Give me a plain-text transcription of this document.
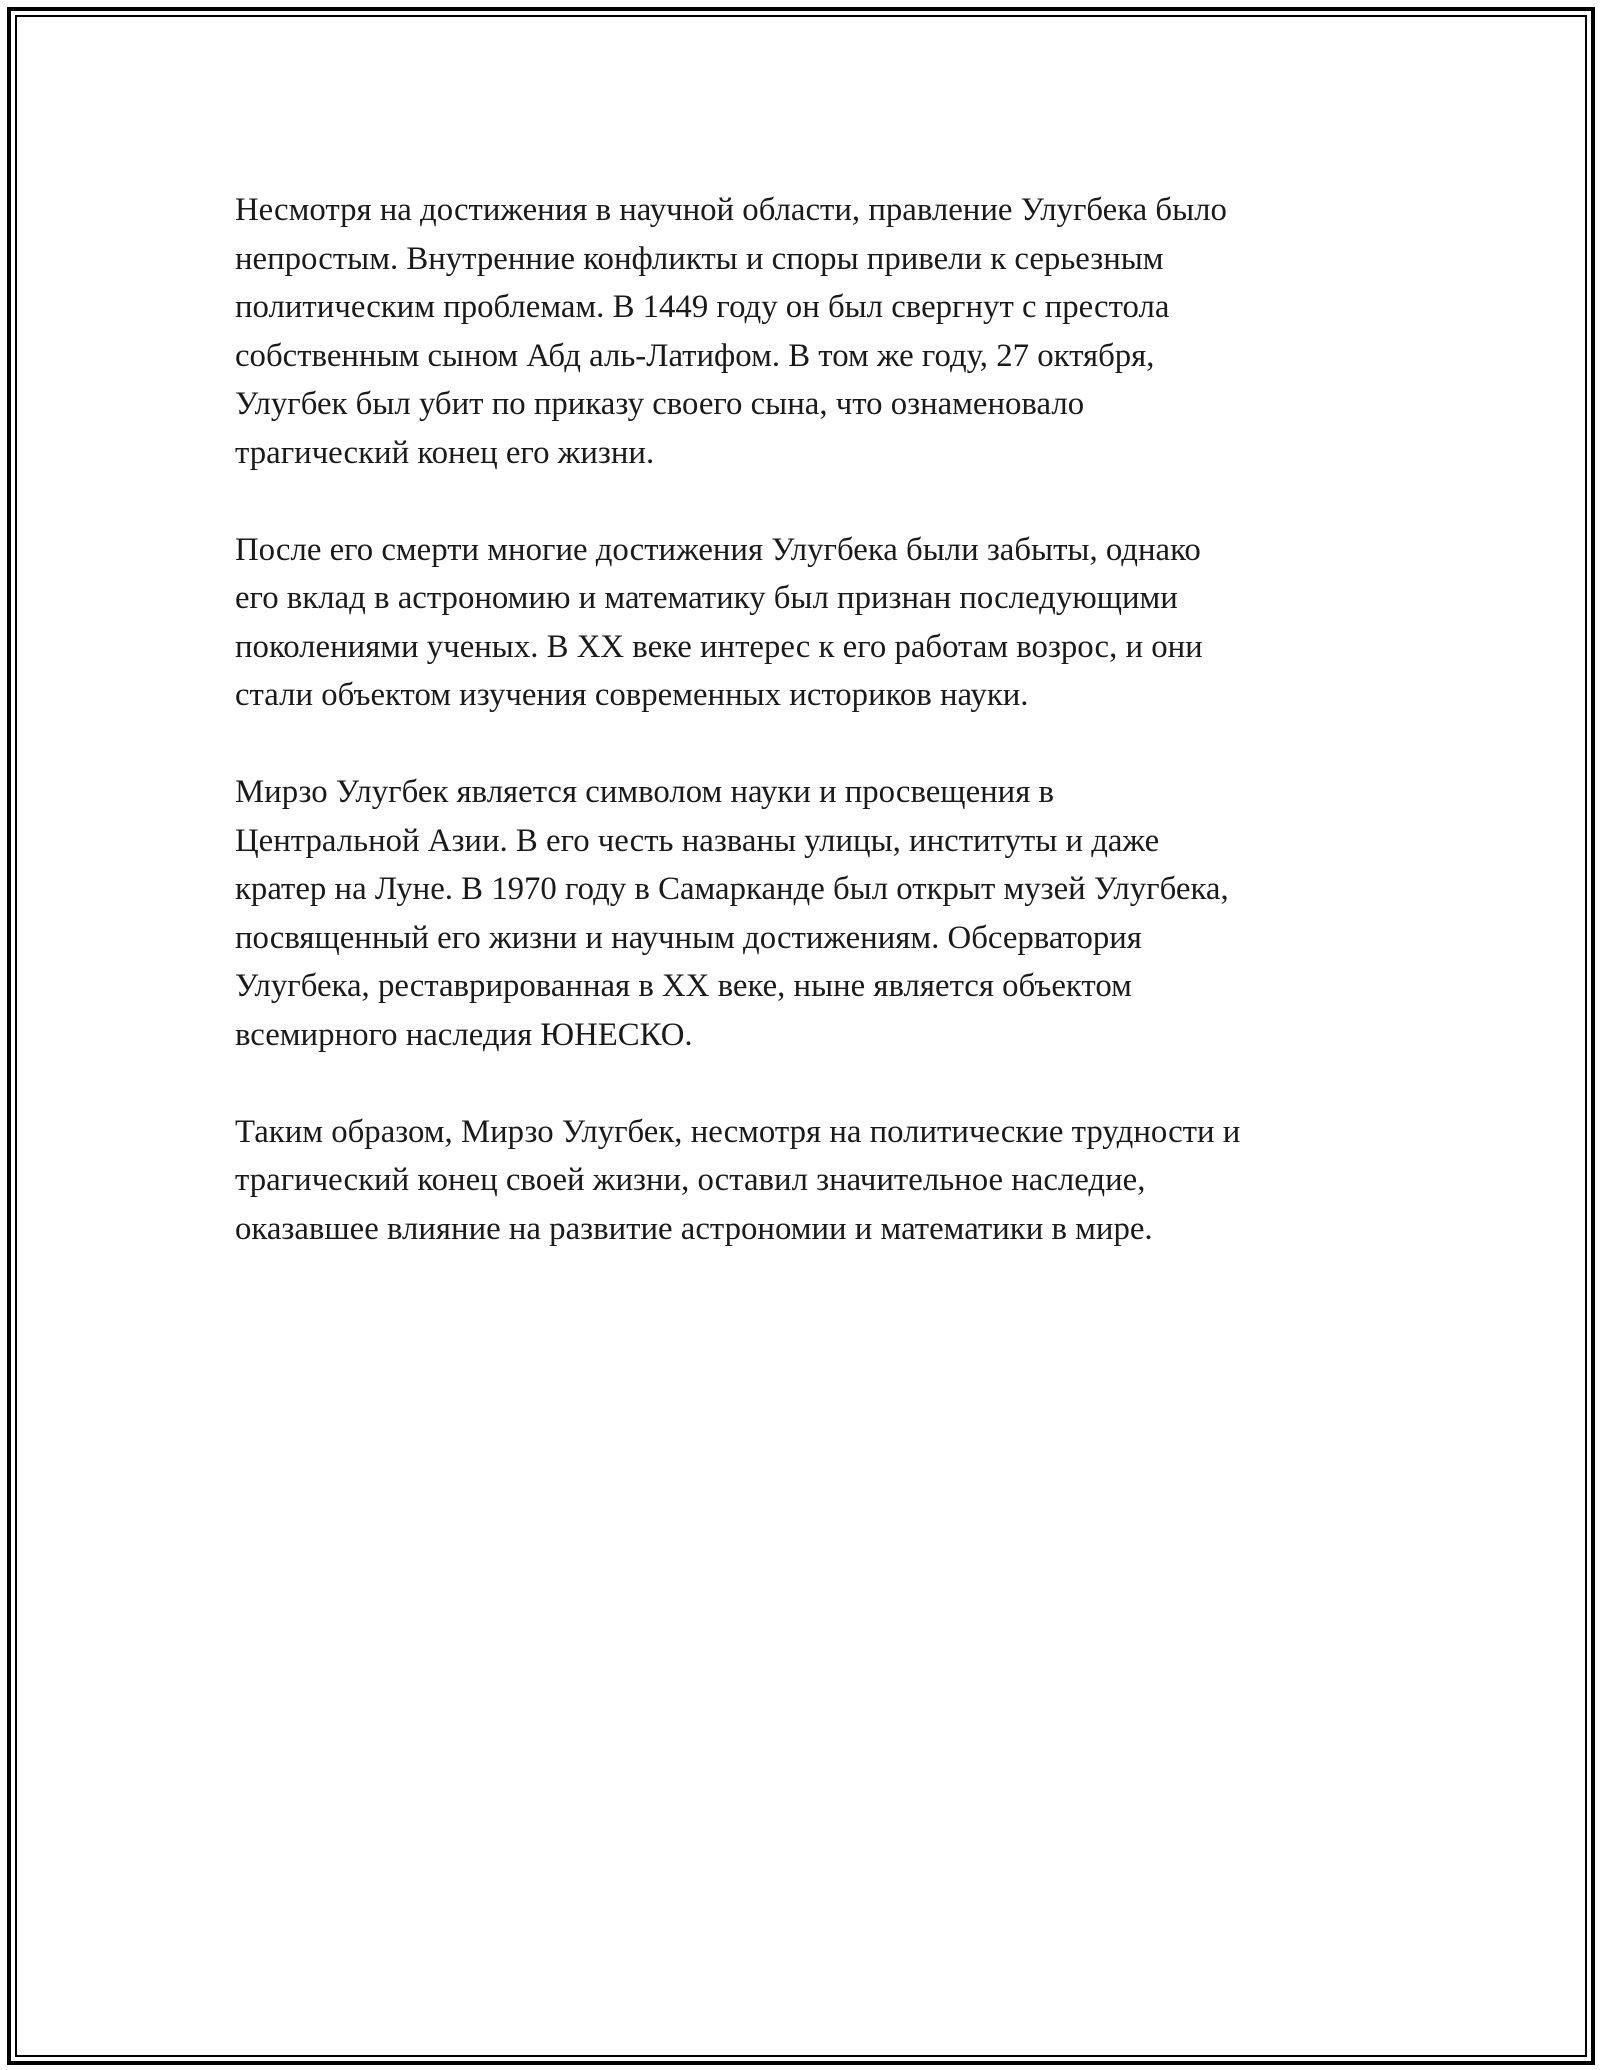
Несмотря на достижения в научной области, правление Улугбека было
непростым. Внутренние конфликты и споры привели к серьезным
политическим проблемам. В 1449 году он был свергнут с престола
собственным сыном Абд аль-Латифом. В том же году, 27 октября,
Улугбек был убит по приказу своего сына, что ознаменовало
трагический конец его жизни.

После его смерти многие достижения Улугбека были забыты, однако
его вклад в астрономию и математику был признан последующими
поколениями ученых. В XX веке интерес к его работам возрос, и они
стали объектом изучения современных историков науки.

Мирзо Улугбек является символом науки и просвещения в
Центральной Азии. В его честь названы улицы, институты и даже
кратер на Луне. В 1970 году в Самарканде был открыт музей Улугбека,
посвященный его жизни и научным достижениям. Обсерватория
Улугбека, реставрированная в XX веке, ныне является объектом
всемирного наследия ЮНЕСКО.

Таким образом, Мирзо Улугбек, несмотря на политические трудности и
трагический конец своей жизни, оставил значительное наследие,
оказавшее влияние на развитие астрономии и математики в мире.
